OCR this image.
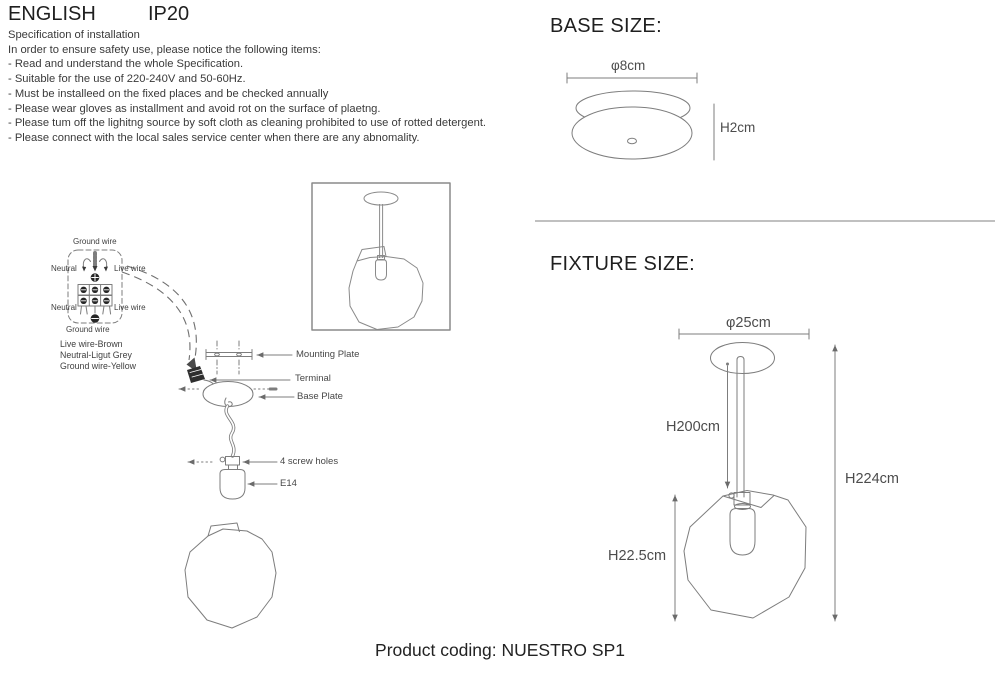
ENGLISH	IP20

Specification of installation

In order to ensure safety use, please notice the following items:

- Read and understand the whole Specification.

- Suitable for the use of 220-240V and 50-60Hz.

- Must be installeed on the fixed places and be checked annually

- Please wear gloves as installment and avoid rot on the surface of plaetng.

- Please tum off the lighitng source by soft cloth as cleaning prohibited to use of rotted detergent.

- Please connect with the local sales service center when there are any abnomality.

Ground wire
Neutral	Live wire
Neutral	Live wire
Ground wire
Live wire-Brown
Neutral-Ligut Grey
Ground wire-Yellow
Mounting Plate
Terminal
Base Plate
4 screw holes
E14
BASE SIZE:
φ8cm
H2cm
FIXTURE SIZE:
φ25cm
H200cm
H224cm
H22.5cm
Product coding: NUESTRO SP1
